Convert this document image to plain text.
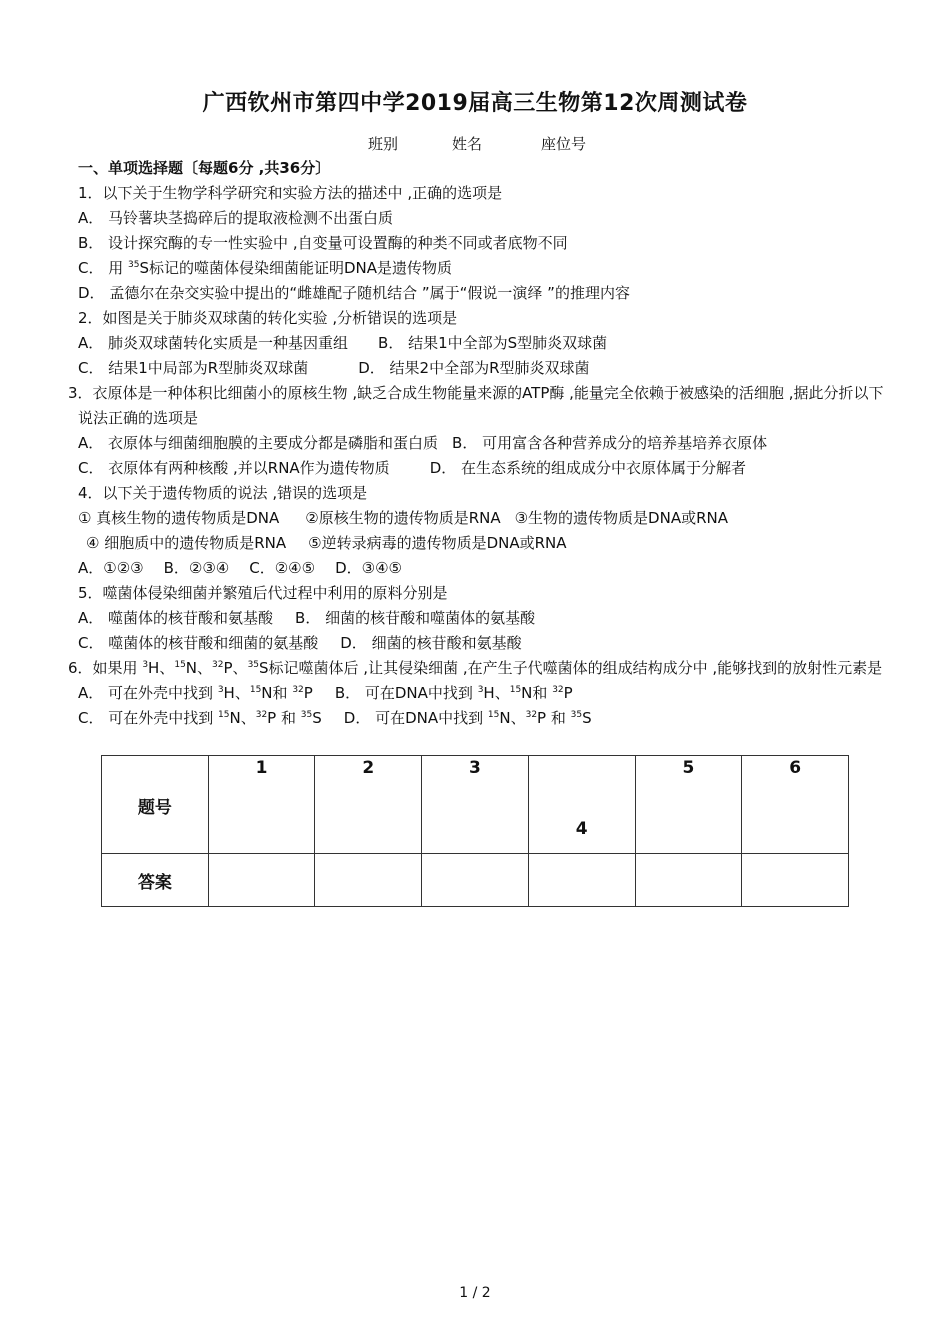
广西钦州市第四中学2019届高三生物第12次周测试卷
班别	姓名	座位号
一、单项选择题〔每题6分 ,共36分〕
1．以下关于生物学科学研究和实验方法的描述中 ,正确的选项是
A． 马铃薯块茎捣碎后的提取液检测不出蛋白质
B． 设计探究酶的专一性实验中 ,自变量可设置酶的种类不同或者底物不同
C． 用 $^{35}$S标记的噬菌体侵染细菌能证明DNA是遗传物质
D． 孟德尔在杂交实验中提出的“雌雄配子随机结合 ”属于“假说一演绎 ”的推理内容
2．如图是关于肺炎双球菌的转化实验 ,分析错误的选项是
A． 肺炎双球菌转化实质是一种基因重组 B． 结果1中全部为S型肺炎双球菌
C． 结果1中局部为R型肺炎双球菌	D． 结果2中全部为R型肺炎双球菌
3．衣原体是一种体积比细菌小的原核生物 ,缺乏合成生物能量来源的ATP酶 ,能量完全依赖于被感染的活细胞 ,据此分折以下说法正确的选项是
A． 衣原体与细菌细胞膜的主要成分都是磷脂和蛋白质 B． 可用富含各种营养成分的培养基培养衣原体
C． 衣原体有两种核酸 ,并以RNA作为遗传物质	D． 在生态系统的组成成分中衣原体属于分解者
4．以下关于遗传物质的说法 ,错误的选项是
① 真核生物的遗传物质是DNA ②原核生物的遗传物质是RNA ③生物的遗传物质是DNA或RNA
④ 细胞质中的遗传物质是RNA ⑤逆转录病毒的遗传物质是DNA或RNA
A．①②③ B．②③④ C．②④⑤ D．③④⑤
5．噬菌体侵染细菌并繁殖后代过程中利用的原料分别是
A． 噬菌体的核苷酸和氨基酸 B． 细菌的核苷酸和噬菌体的氨基酸
C． 噬菌体的核苷酸和细菌的氨基酸 D． 细菌的核苷酸和氨基酸
6．如果用 $^3$H、$^{15}$N、$^{32}$P、$^{35}$S标记噬菌体后 ,让其侵染细菌 ,在产生子代噬菌体的组成结构成分中 ,能够找到的放射性元素是
A． 可在外壳中找到 $^3$H、$^{15}$N和 $^{32}$P B． 可在DNA中找到 $^3$H、$^{15}$N和 $^{32}$P
C． 可在外壳中找到 $^{15}$N、$^{32}$P 和 $^{35}$S D． 可在DNA中找到 $^{15}$N、$^{32}$P 和 $^{35}$S
题号	1	2	3	4	5	6
答案						
1 / 2
